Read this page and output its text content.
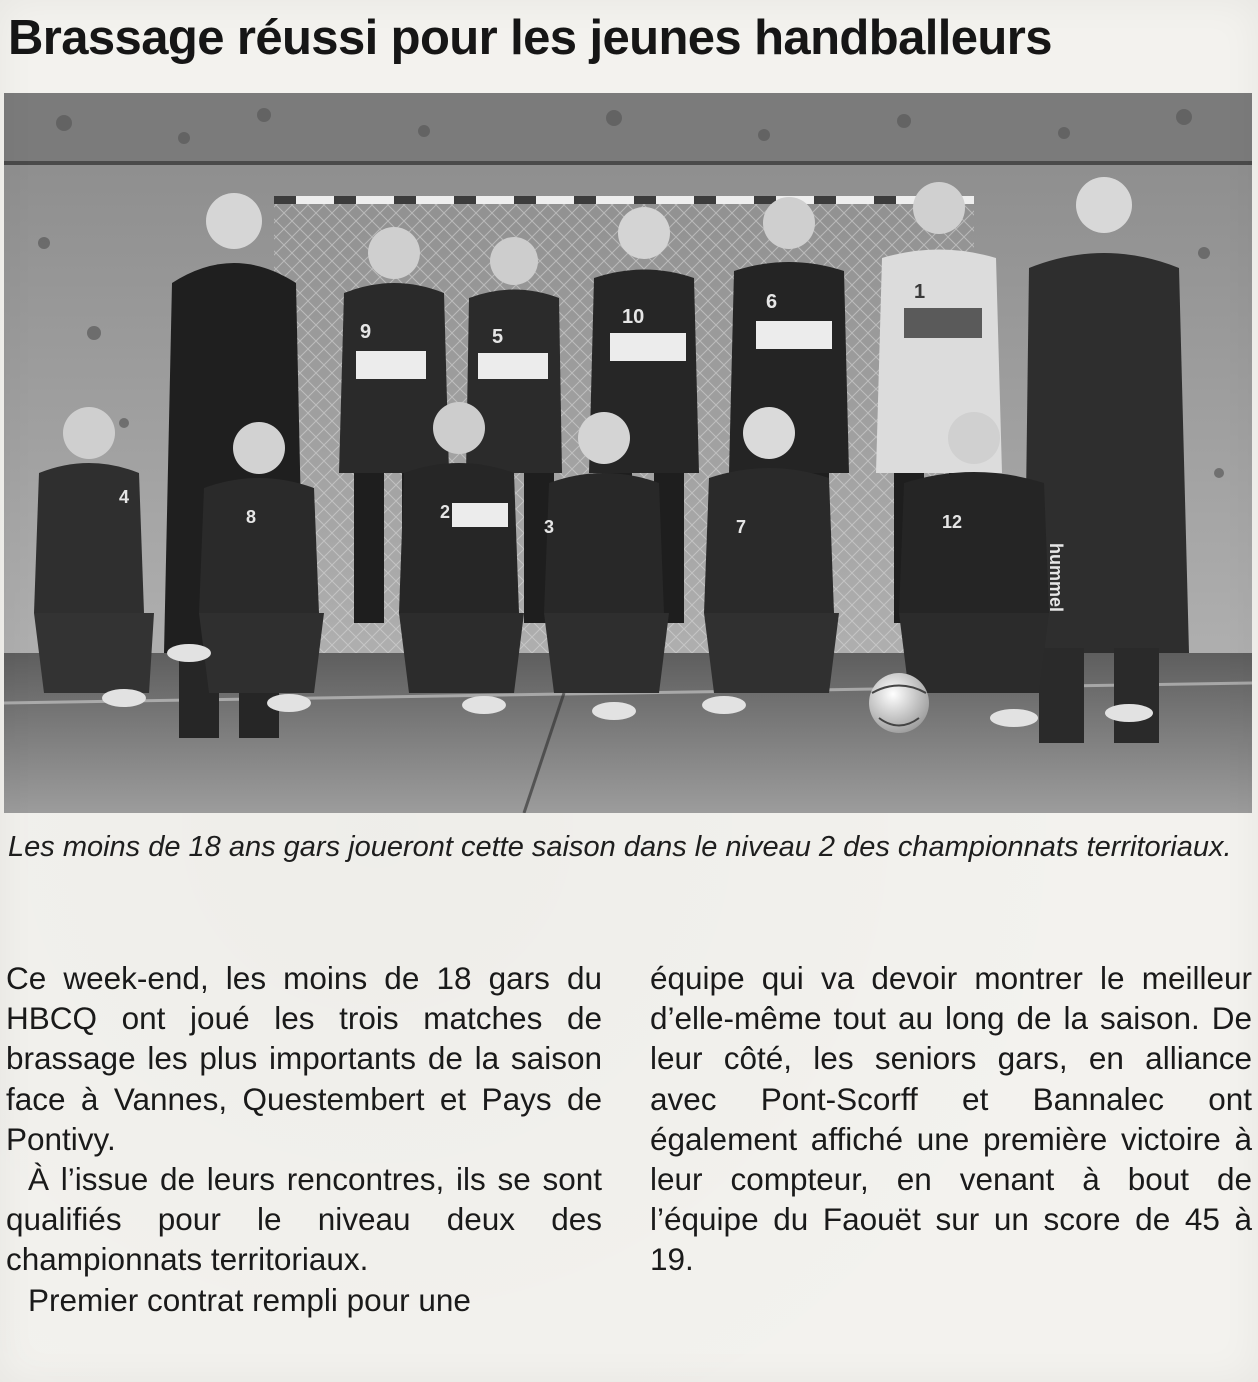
Brassage réussi pour les jeunes handballeurs
9	5
10
6	1
4
8	2
3	7	12
hummel

Les moins de 18 ans gars joueront cette saison dans le niveau 2 des championnats territoriaux.

Ce week-end, les moins de 18 gars du HBCQ ont joué les trois matches de brassage les plus importants de la saison face à Vannes, Questembert et Pays de Pontivy.

À l’issue de leurs rencontres, ils se sont qualifiés pour le niveau deux des championnats territoriaux.

Premier contrat rempli pour une

équipe qui va devoir montrer le meilleur d’elle-même tout au long de la saison. De leur côté, les seniors gars, en alliance avec Pont-Scorff et Bannalec ont également affiché une première victoire à leur compteur, en venant à bout de l’équipe du Faouët sur un score de 45 à 19.
